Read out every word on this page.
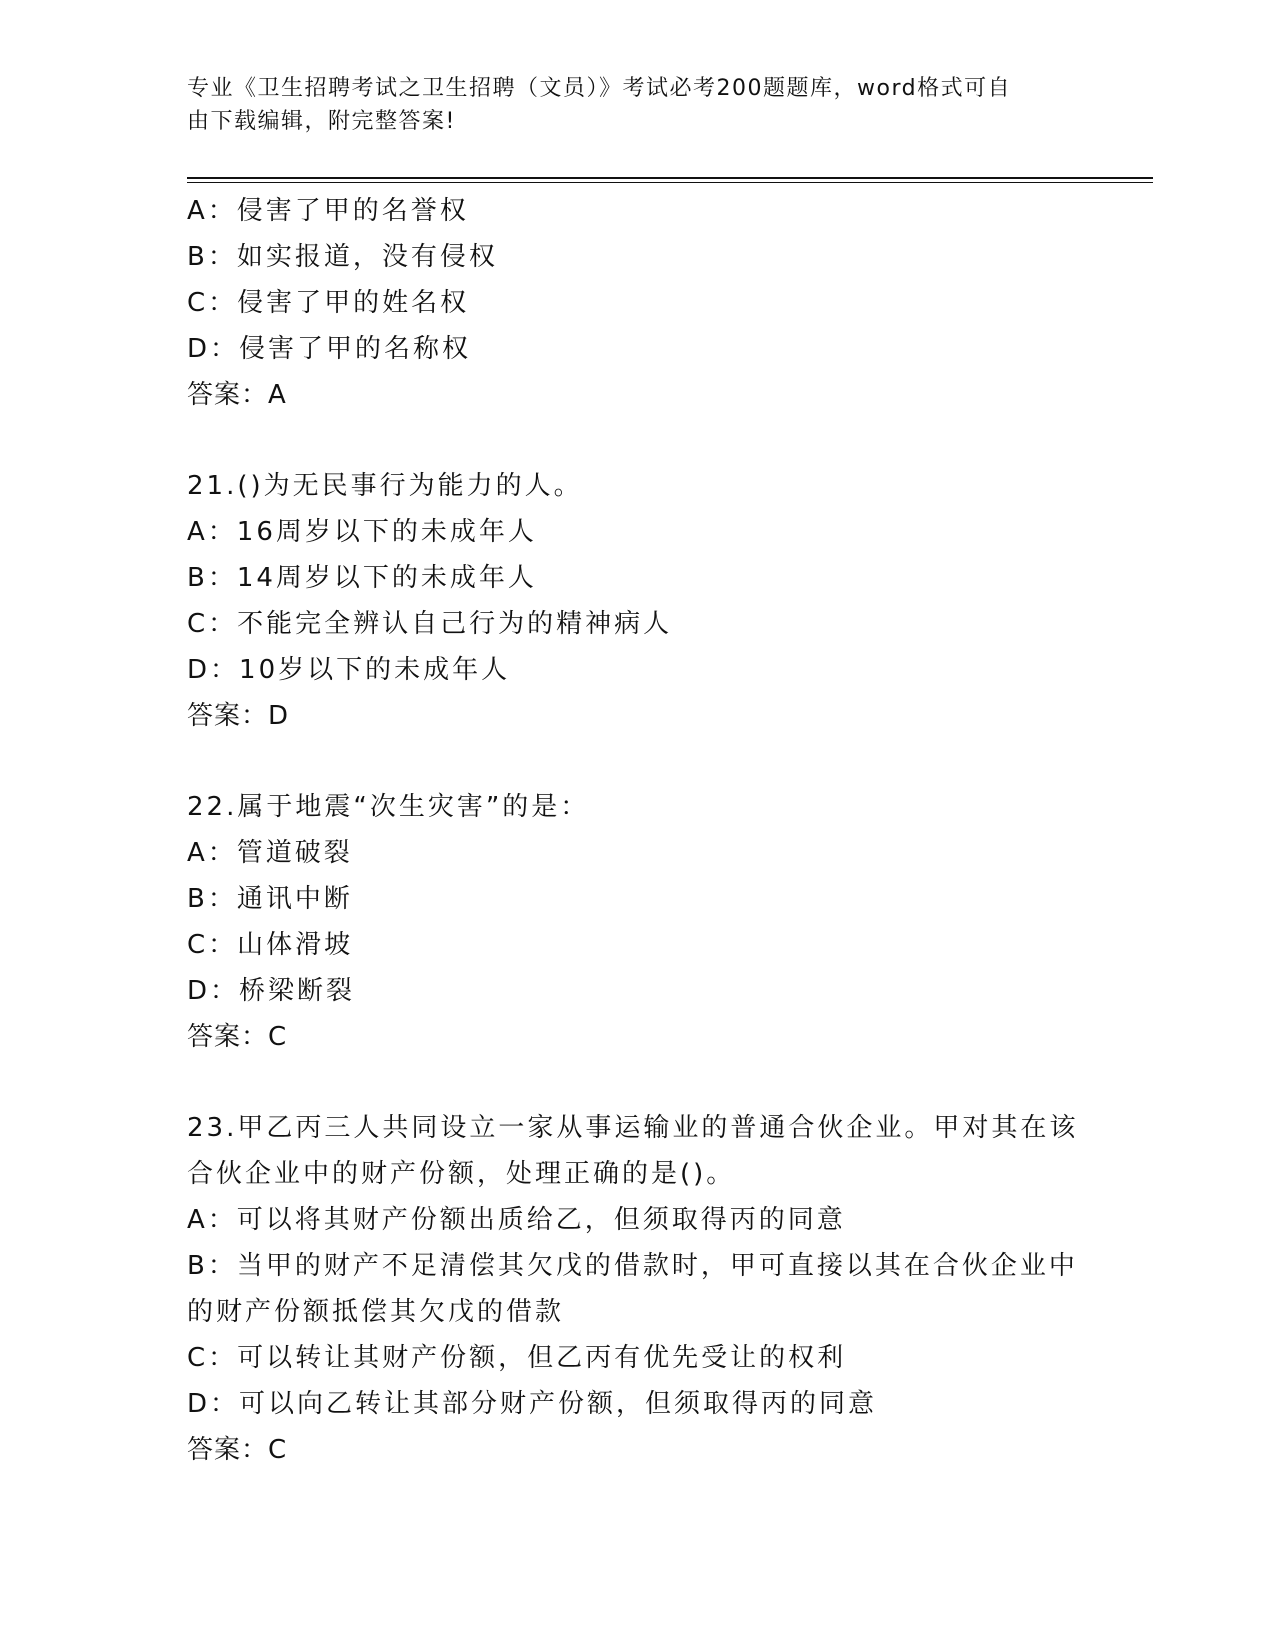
专业《卫生招聘考试之卫生招聘（文员）》考试必考200题题库，word格式可自
由下载编辑，附完整答案!
A：侵害了甲的名誉权
B：如实报道，没有侵权
C：侵害了甲的姓名权
D：侵害了甲的名称权
答案：A
21.()为无民事行为能力的人。
A：16周岁以下的未成年人
B：14周岁以下的未成年人
C：不能完全辨认自己行为的精神病人
D：10岁以下的未成年人
答案：D
22.属于地震“次生灾害”的是：
A：管道破裂
B：通讯中断
C：山体滑坡
D：桥梁断裂
答案：C
23.甲乙丙三人共同设立一家从事运输业的普通合伙企业。甲对其在该
合伙企业中的财产份额，处理正确的是()。
A：可以将其财产份额出质给乙，但须取得丙的同意
B：当甲的财产不足清偿其欠戊的借款时，甲可直接以其在合伙企业中
的财产份额抵偿其欠戊的借款
C：可以转让其财产份额，但乙丙有优先受让的权利
D：可以向乙转让其部分财产份额，但须取得丙的同意
答案：C
